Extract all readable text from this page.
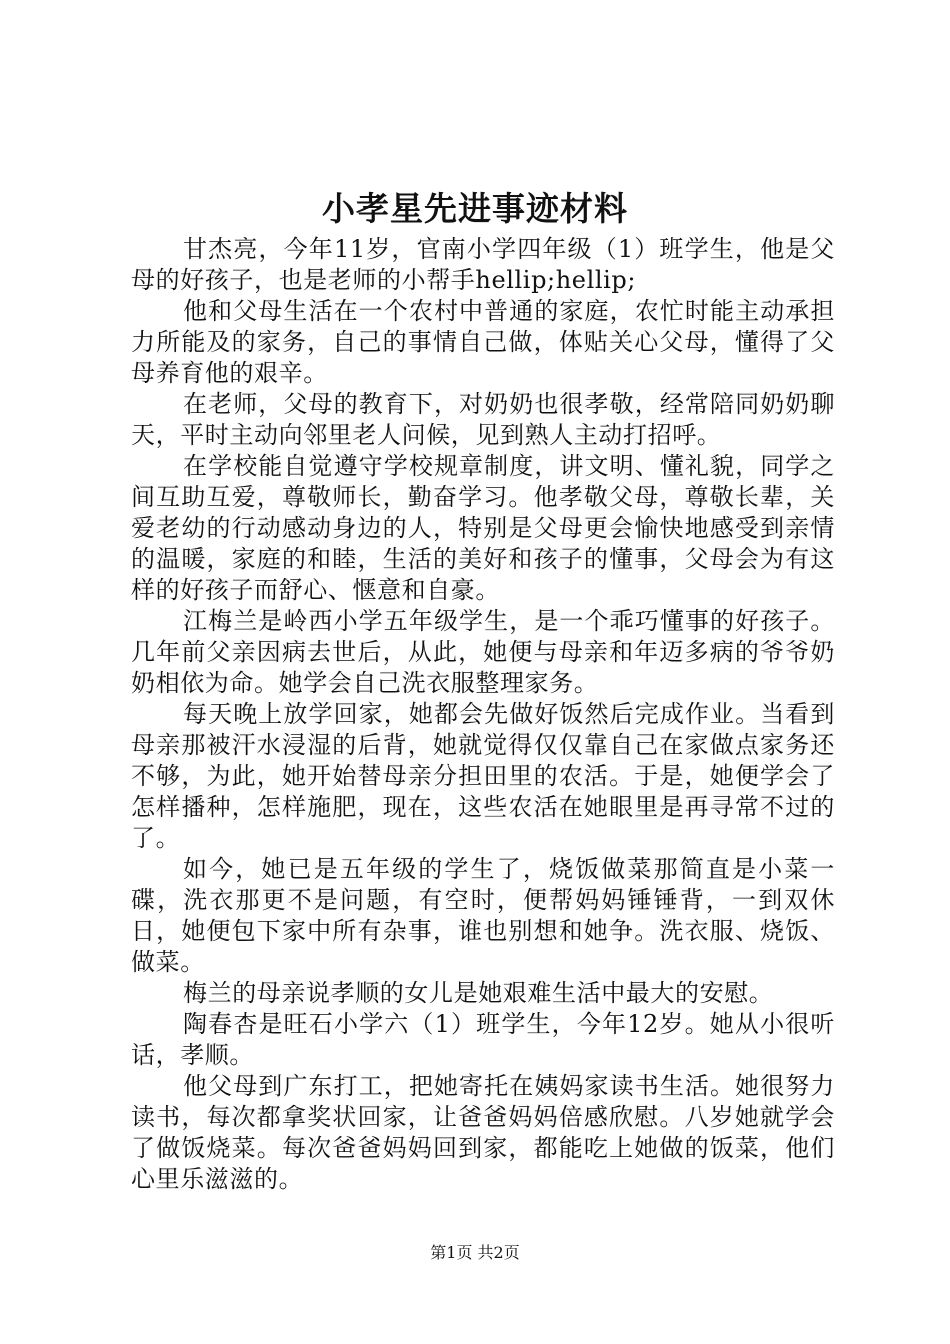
小孝星先进事迹材料

甘杰亮，今年11岁，官南小学四年级（1）班学生，他是父母的好孩子，也是老师的小帮手hellip;hellip;

他和父母生活在一个农村中普通的家庭，农忙时能主动承担力所能及的家务，自己的事情自己做，体贴关心父母，懂得了父母养育他的艰辛。

在老师，父母的教育下，对奶奶也很孝敬，经常陪同奶奶聊天，平时主动向邻里老人问候，见到熟人主动打招呼。

在学校能自觉遵守学校规章制度，讲文明、懂礼貌，同学之间互助互爱，尊敬师长，勤奋学习。他孝敬父母，尊敬长辈，关爱老幼的行动感动身边的人，特别是父母更会愉快地感受到亲情的温暖，家庭的和睦，生活的美好和孩子的懂事，父母会为有这样的好孩子而舒心、惬意和自豪。

江梅兰是岭西小学五年级学生，是一个乖巧懂事的好孩子。几年前父亲因病去世后，从此，她便与母亲和年迈多病的爷爷奶奶相依为命。她学会自己洗衣服整理家务。

每天晚上放学回家，她都会先做好饭然后完成作业。当看到母亲那被汗水浸湿的后背，她就觉得仅仅靠自己在家做点家务还不够，为此，她开始替母亲分担田里的农活。于是，她便学会了怎样播种，怎样施肥，现在，这些农活在她眼里是再寻常不过的了。

如今，她已是五年级的学生了，烧饭做菜那简直是小菜一碟，洗衣那更不是问题，有空时，便帮妈妈锤锤背，一到双休日，她便包下家中所有杂事，谁也别想和她争。洗衣服、烧饭、做菜。

梅兰的母亲说孝顺的女儿是她艰难生活中最大的安慰。

陶春杏是旺石小学六（1）班学生，今年12岁。她从小很听话，孝顺。

他父母到广东打工，把她寄托在姨妈家读书生活。她很努力读书，每次都拿奖状回家，让爸爸妈妈倍感欣慰。八岁她就学会了做饭烧菜。每次爸爸妈妈回到家，都能吃上她做的饭菜，他们心里乐滋滋的。

第1页 共2页
